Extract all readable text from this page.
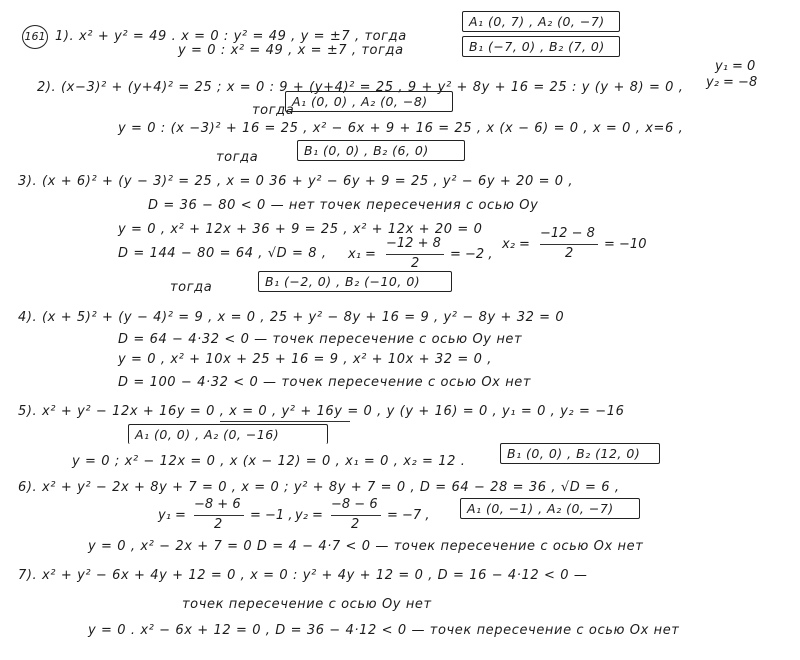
161 1). x² + y² = 49 . x = 0 : y² = 49 , y = ±7 , тогда
A₁ (0, 7) , A₂ (0, −7)
y = 0 : x² = 49 , x = ±7 , тогда	B₁ (−7, 0) , B₂ (7, 0)
2). (x−3)² + (y+4)² = 25 ; x = 0 : 9 + (y+4)² = 25 , 9 + y² + 8y + 16 = 25 : y (y + 8) = 0 ,
y₁ = 0
y₂ = −8
тогда
A₁ (0, 0) , A₂ (0, −8)
y = 0 : (x −3)² + 16 = 25 , x² − 6x + 9 + 16 = 25 , x (x − 6) = 0 , x = 0 , x=6 ,
тогда	B₁ (0, 0) , B₂ (6, 0)
3). (x + 6)² + (y − 3)² = 25 , x = 0 36 + y² − 6y + 9 = 25 , y² − 6y + 20 = 0 ,
D = 36 − 80 < 0 — нет точек пересечения с осью Oy
y = 0 , x² + 12x + 36 + 9 = 25 , x² + 12x + 20 = 0
D = 144 − 80 = 64 , √D = 8 , x₁ =
−12 + 8
2
= −2 ,
x₂ =
−12 − 8
2
= −10
тогда	B₁ (−2, 0) , B₂ (−10, 0)
4). (x + 5)² + (y − 4)² = 9 , x = 0 , 25 + y² − 8y + 16 = 9 , y² − 8y + 32 = 0
D = 64 − 4·32 < 0 — точек пересечение с осью Oy нет
y = 0 , x² + 10x + 25 + 16 = 9 , x² + 10x + 32 = 0 ,
D = 100 − 4·32 < 0 — точек пересечение с осью Ox нет
5). x² + y² − 12x + 16y = 0 , x = 0 , y² + 16y = 0 , y (y + 16) = 0 , y₁ = 0 , y₂ = −16
A₁ (0, 0) , A₂ (0, −16)
y = 0 ; x² − 12x = 0 , x (x − 12) = 0 , x₁ = 0 , x₂ = 12 .
B₁ (0, 0) , B₂ (12, 0)
6). x² + y² − 2x + 8y + 7 = 0 , x = 0 ; y² + 8y + 7 = 0 , D = 64 − 28 = 36 , √D = 6 ,
y₁ =
−8 + 6
2
= −1 , y₂ =
−8 − 6
2
= −7 ,	A₁ (0, −1) , A₂ (0, −7)
y = 0 , x² − 2x + 7 = 0 D = 4 − 4·7 < 0 — точек пересечение с осью Ox нет
7). x² + y² − 6x + 4y + 12 = 0 , x = 0 : y² + 4y + 12 = 0 , D = 16 − 4·12 < 0 —
точек пересечение с осью Oy нет
y = 0 . x² − 6x + 12 = 0 , D = 36 − 4·12 < 0 — точек пересечение с осью Ox нет
